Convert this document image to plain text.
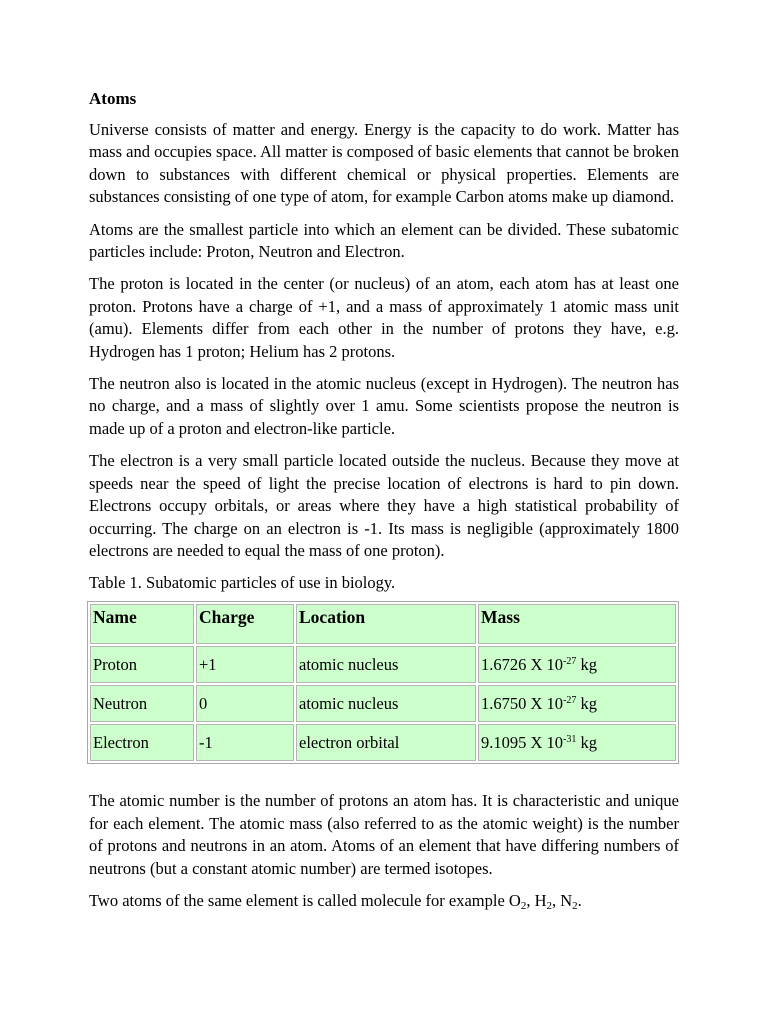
Atoms

Universe consists of matter and energy. Energy is the capacity to do work. Matter has mass and occupies space. All matter is composed of basic elements that cannot be broken down to substances with different chemical or physical properties. Elements are substances consisting of one type of atom, for example Carbon atoms make up diamond.

Atoms are the smallest particle into which an element can be divided. These subatomic particles include: Proton, Neutron and Electron.

The proton is located in the center (or nucleus) of an atom, each atom has at least one proton. Protons have a charge of +1, and a mass of approximately 1 atomic mass unit (amu). Elements differ from each other in the number of protons they have, e.g. Hydrogen has 1 proton; Helium has 2 protons.

The neutron also is located in the atomic nucleus (except in Hydrogen). The neutron has no charge, and a mass of slightly over 1 amu. Some scientists propose the neutron is made up of a proton and electron-like particle.

The electron is a very small particle located outside the nucleus. Because they move at speeds near the speed of light the precise location of electrons is hard to pin down. Electrons occupy orbitals, or areas where they have a high statistical probability of occurring. The charge on an electron is -1. Its mass is negligible (approximately 1800 electrons are needed to equal the mass of one proton).

Table 1. Subatomic particles of use in biology.
Name	Charge	Location	Mass
Proton	+1	atomic nucleus	1.6726 X $10^{-27}$ kg
Neutron	0	atomic nucleus	1.6750 X $10^{-27}$ kg
Electron	-1	electron orbital	9.1095 X $10^{-31}$ kg

The atomic number is the number of protons an atom has. It is characteristic and unique for each element. The atomic mass (also referred to as the atomic weight) is the number of protons and neutrons in an atom. Atoms of an element that have differing numbers of neutrons (but a constant atomic number) are termed isotopes.

Two atoms of the same element is called molecule for example $O_2$, $H_2$, $N_2$.
